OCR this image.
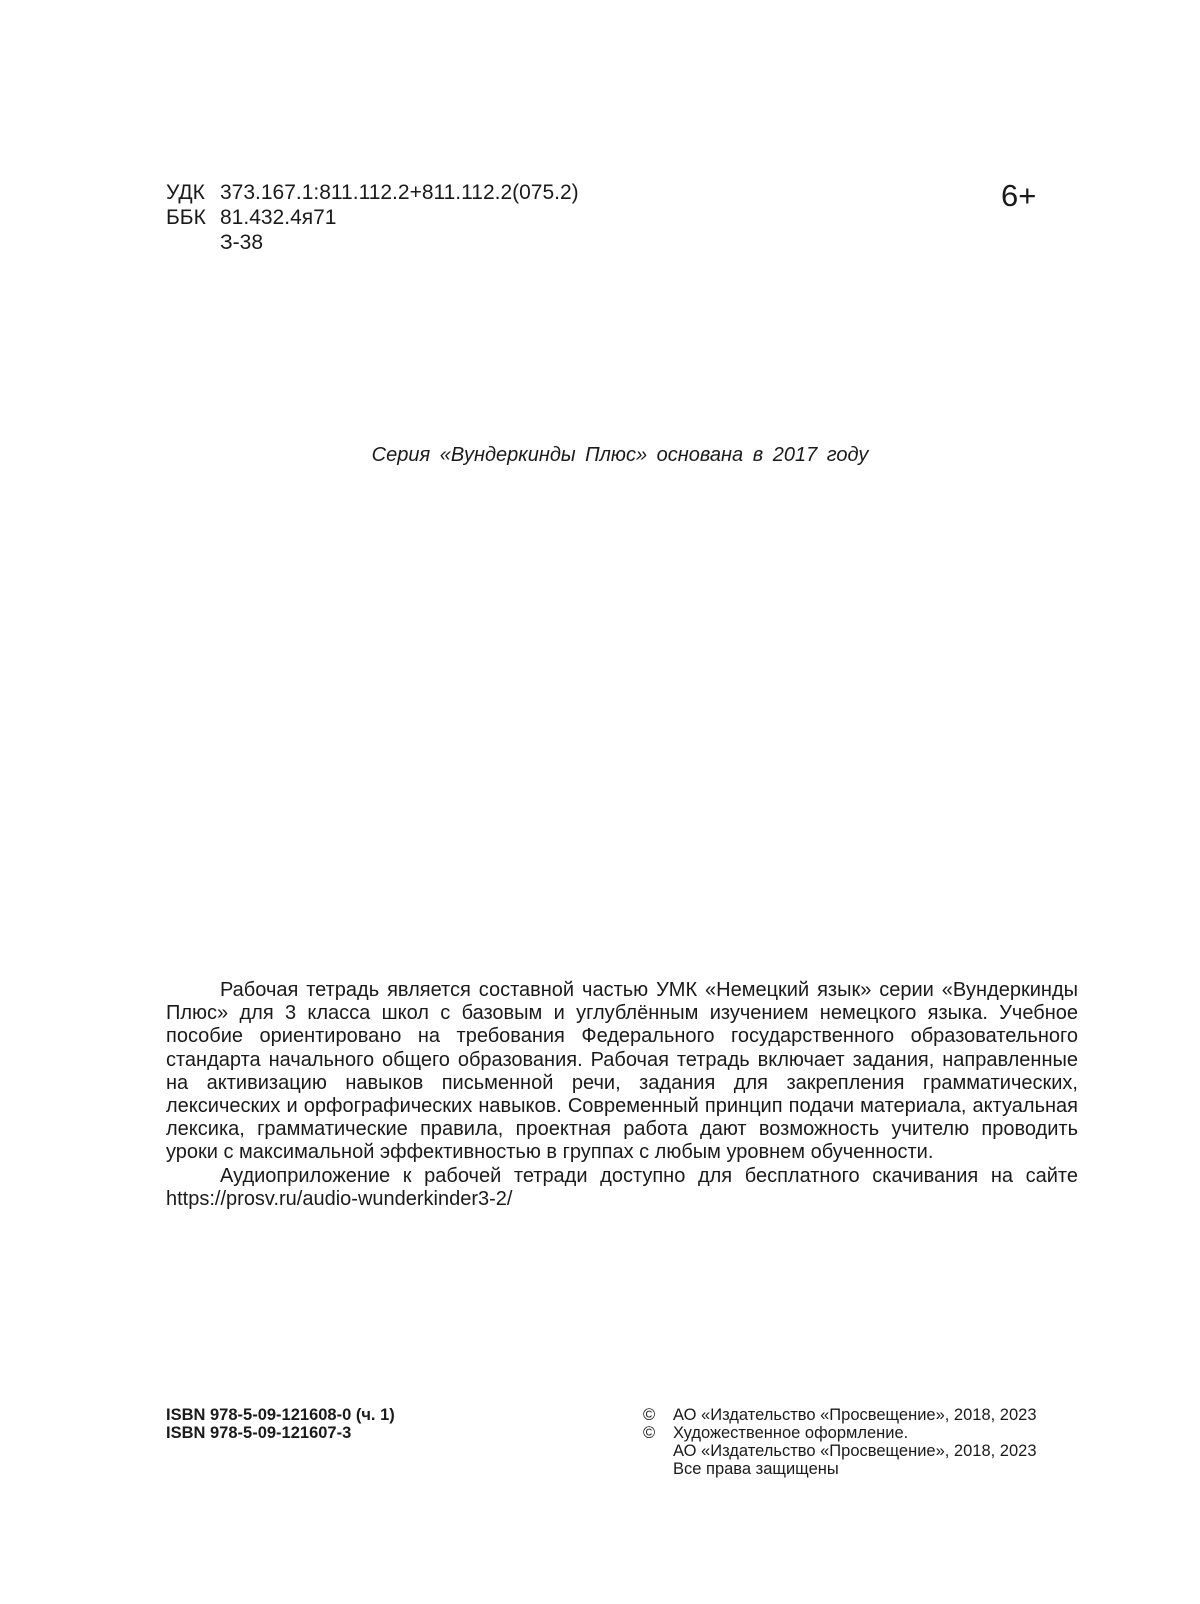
УДК 373.167.1:811.112.2+811.112.2(075.2)
ББК 81.432.4я71
З-38
6+
Серия «Вундеркинды Плюс» основана в 2017 году

Рабочая тетрадь является составной частью УМК «Немецкий язык» серии «Вундеркинды Плюс» для 3 класса школ с базовым и углублённым изучением немецкого языка. Учебное пособие ориентировано на требования Федерального государственного образовательного стандарта начального общего образования. Рабочая тетрадь включает задания, направленные на активизацию навыков письменной речи, задания для закрепления грамматических, лексических и орфографических навыков. Современный принцип подачи материала, актуальная лексика, грамматические правила, проектная работа дают возможность учителю проводить уроки с максимальной эффективностью в группах с любым уровнем обученности.

Аудиоприложение к рабочей тетради доступно для бесплатного скачивания на сайте https://prosv.ru/audio-wunderkinder3-2/

ISBN 978-5-09-121608-0 (ч. 1)
ISBN 978-5-09-121607-3
© АО «Издательство «Просвещение», 2018, 2023
© Художественное оформление.
АО «Издательство «Просвещение», 2018, 2023
Все права защищены
